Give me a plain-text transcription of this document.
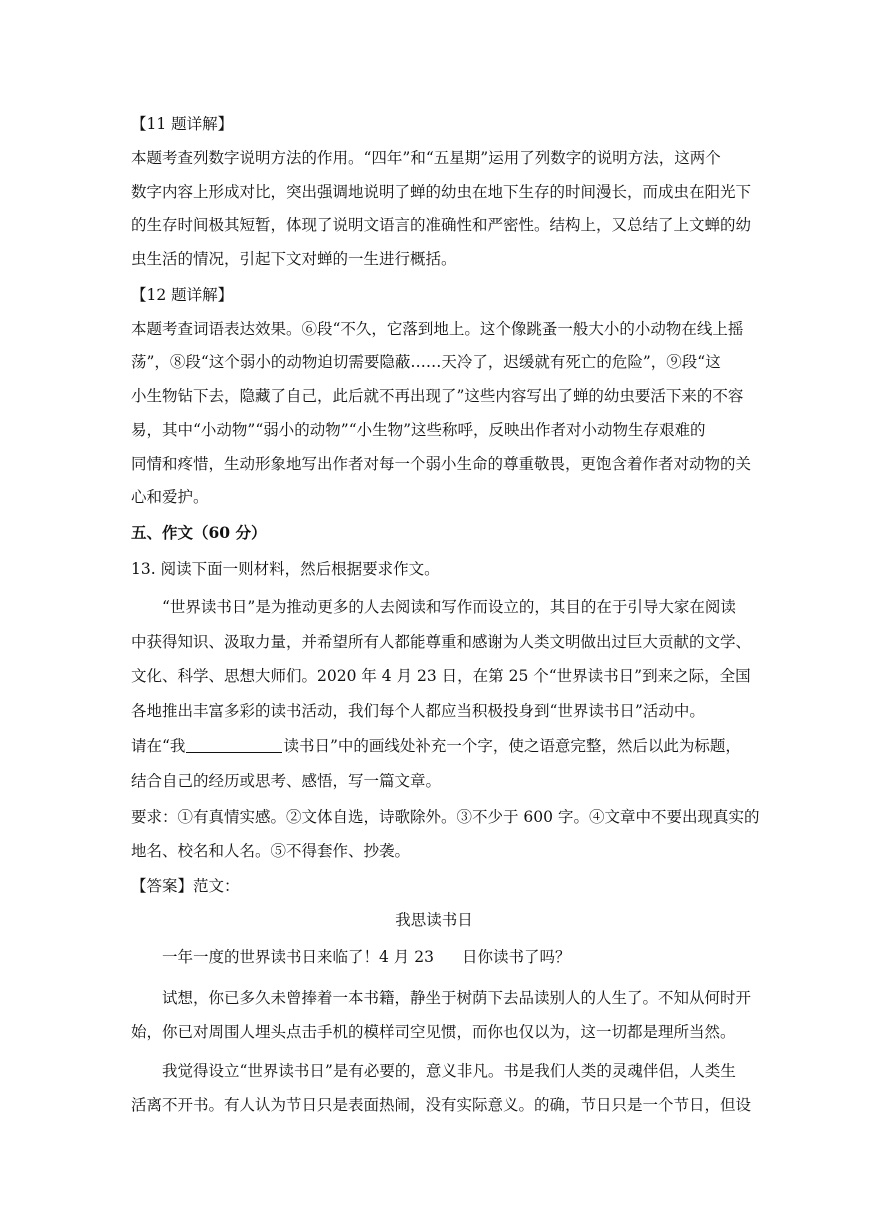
【11 题详解】
本题考查列数字说明方法的作用。“四年”和“五星期”运用了列数字的说明方法，这两个
数字内容上形成对比，突出强调地说明了蝉的幼虫在地下生存的时间漫长，而成虫在阳光下
的生存时间极其短暂，体现了说明文语言的准确性和严密性。结构上，又总结了上文蝉的幼
虫生活的情况，引起下文对蝉的一生进行概括。
【12 题详解】
本题考查词语表达效果。⑥段“不久，它落到地上。这个像跳蚤一般大小的小动物在线上摇
荡”，⑧段“这个弱小的动物迫切需要隐蔽……天冷了，迟缓就有死亡的危险”，⑨段“这
小生物钻下去，隐藏了自己，此后就不再出现了”这些内容写出了蝉的幼虫要活下来的不容
易，其中“小动物”“弱小的动物”“小生物”这些称呼，反映出作者对小动物生存艰难的
同情和疼惜，生动形象地写出作者对每一个弱小生命的尊重敬畏，更饱含着作者对动物的关
心和爱护。
五、作文（60 分）
13. 阅读下面一则材料，然后根据要求作文。
“世界读书日”是为推动更多的人去阅读和写作而设立的，其目的在于引导大家在阅读
中获得知识、汲取力量，并希望所有人都能尊重和感谢为人类文明做出过巨大贡献的文学、
文化、科学、思想大师们。2020 年 4 月 23 日，在第 25 个“世界读书日”到来之际，全国
各地推出丰富多彩的读书活动，我们每个人都应当积极投身到“世界读书日”活动中。
请在“我	读书日”中的画线处补充一个字，使之语意完整，然后以此为标题，
结合自己的经历或思考、感悟，写一篇文章。
要求：①有真情实感。②文体自选，诗歌除外。③不少于 600 字。④文章中不要出现真实的
地名、校名和人名。⑤不得套作、抄袭。
【答案】范文：
我思读书日
一年一度的世界读书日来临了！4 月 23 日你读书了吗？
试想，你已多久未曾捧着一本书籍，静坐于树荫下去品读别人的人生了。不知从何时开
始，你已对周围人埋头点击手机的模样司空见惯，而你也仅以为，这一切都是理所当然。
我觉得设立“世界读书日”是有必要的，意义非凡。书是我们人类的灵魂伴侣，人类生
活离不开书。有人认为节日只是表面热闹，没有实际意义。的确，节日只是一个节日，但设
